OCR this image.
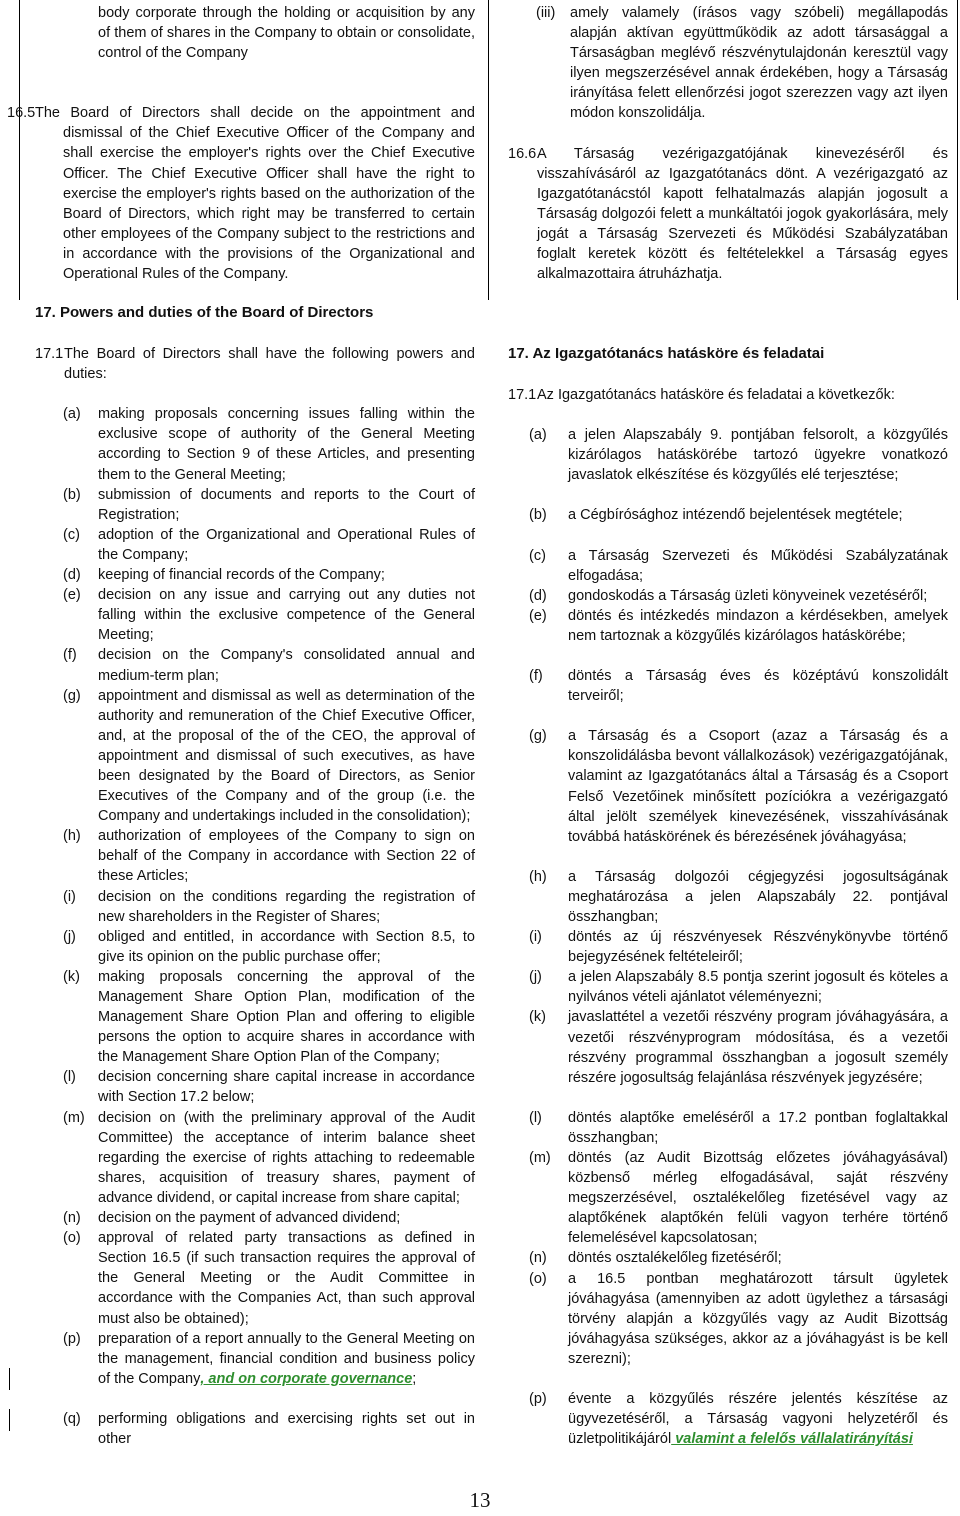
body corporate through the holding or acquisition by any of them of shares in the Company to obtain or consolidate, control of the Company

16.5The Board of Directors shall decide on the appointment and dismissal of the Chief Executive Officer of the Company and shall exercise the employer's rights over the Chief Executive Officer. The Chief Executive Officer shall have the right to exercise the employer's rights based on the authorization of the Board of Directors, which right may be transferred to certain other employees of the Company subject to the restrictions and in accordance with the provisions of the Organizational and Operational Rules of the Company.

17. Powers and duties of the Board of Directors
17.1 The Board of Directors shall have the following powers and duties:
(a)	making proposals concerning issues falling within the exclusive scope of authority of the General Meeting according to Section 9 of these Articles, and presenting them to the General Meeting;
(b)	submission of documents and reports to the Court of Registration;
(c)	adoption of the Organizational and Operational Rules of the Company;
(d)	keeping of financial records of the Company;
(e)	decision on any issue and carrying out any duties not falling within the exclusive competence of the General Meeting;
(f)	decision on the Company's consolidated annual and medium-term plan;
(g)	appointment and dismissal as well as determination of the authority and remuneration of the Chief Executive Officer, and, at the proposal of the of the CEO, the approval of appointment and dismissal of such executives, as have been designated by the Board of Directors, as Senior Executives of the Company and of the group (i.e. the Company and undertakings included in the consolidation);
(h)	authorization of employees of the Company to sign on behalf of the Company in accordance with Section 22 of these Articles;
(i)	decision on the conditions regarding the registration of new shareholders in the Register of Shares;
(j)	obliged and entitled, in accordance with Section 8.5, to give its opinion on the public purchase offer;
(k)	making proposals concerning the approval of the Management Share Option Plan, modification of the Management Share Option Plan and offering to eligible persons the option to acquire shares in accordance with the Management Share Option Plan of the Company;
(l)	decision concerning share capital increase in accordance with Section 17.2 below;
(m) decision on (with the preliminary approval of the Audit Committee) the acceptance of interim balance sheet regarding the exercise of rights attaching to redeemable shares, acquisition of treasury shares, payment of advance dividend, or capital increase from share capital;
(n)	decision on the payment of advanced dividend;
(o)	approval of related party transactions as defined in Section 16.5 (if such transaction requires the approval of the General Meeting or the Audit Committee in accordance with the Companies Act, than such approval must also be obtained);
(p)	preparation of a report annually to the General Meeting on the management, financial condition and business policy of the Company, and on corporate governance;
(q)	performing obligations and exercising rights set out in other
(iii)	amely valamely (írásos vagy szóbeli) megállapodás alapján aktívan együttműködik az adott társasággal a Társaságban meglévő részvénytulajdonán keresztül vagy ilyen megszerzésével annak érdekében, hogy a Társaság irányítása felett ellenőrzési jogot szerezzen vagy azt ilyen módon konszolidálja.
16.6 A Társaság vezérigazgatójának kinevezéséről és visszahívásáról az Igazgatótanács dönt. A vezérigazgató az Igazgatótanácstól kapott felhatalmazás alapján jogosult a Társaság dolgozói felett a munkáltatói jogok gyakorlására, mely jogát a Társaság Szervezeti és Működési Szabályzatában foglalt keretek között és feltételekkel a Társaság egyes alkalmazottaira átruházhatja.
17. Az Igazgatótanács hatásköre és feladatai
17.1 Az Igazgatótanács hatásköre és feladatai a következők:
(a)	a jelen Alapszabály 9. pontjában felsorolt, a közgyűlés kizárólagos hatáskörébe tartozó ügyekre vonatkozó javaslatok elkészítése és közgyűlés elé terjesztése;
(b)	a Cégbírósághoz intézendő bejelentések megtétele;
(c)	a Társaság Szervezeti és Működési Szabályzatának elfogadása;
(d)	gondoskodás a Társaság üzleti könyveinek vezetéséről;
(e)	döntés és intézkedés mindazon a kérdésekben, amelyek nem tartoznak a közgyűlés kizárólagos hatáskörébe;
(f)	döntés a Társaság éves és középtávú konszolidált terveiről;
(g)	a Társaság és a Csoport (azaz a Társaság és a konszolidálásba bevont vállalkozások) vezérigazgatójának, valamint az Igazgatótanács által a Társaság és a Csoport Felső Vezetőinek minősített pozíciókra a vezérigazgató által jelölt személyek kinevezésének, visszahívásának továbbá hatáskörének és bérezésének jóváhagyása;
(h)	a Társaság dolgozói cégjegyzési jogosultságának meghatározása a jelen Alapszabály 22. pontjával összhangban;
(i)	döntés az új részvényesek Részvénykönyvbe történő bejegyzésének feltételeiről;
(j)	a jelen Alapszabály 8.5 pontja szerint jogosult és köteles a nyilvános vételi ajánlatot véleményezni;
(k)	javaslattétel a vezetői részvény program jóváhagyására, a vezetői részvényprogram módosítása, és a vezetői részvény programmal összhangban a jogosult személy részére jogosultság felajánlása részvények jegyzésére;
(l)	döntés alaptőke emeléséről a 17.2 pontban foglaltakkal összhangban;
(m)	döntés (az Audit Bizottság előzetes jóváhagyásával) közbenső mérleg elfogadásával, saját részvény megszerzésével, osztalékelőleg fizetésével vagy az alaptőkének alaptőkén felüli vagyon terhére történő felemelésével kapcsolatosan;
(n)	döntés osztalékelőleg fizetéséről;
(o)	a 16.5 pontban meghatározott társult ügyletek jóváhagyása (amennyiben az adott ügylethez a társasági törvény alapján a közgyűlés vagy az Audit Bizottság jóváhagyása szükséges, akkor az a jóváhagyást is be kell szerezni);
(p)	évente a közgyűlés részére jelentés készítése az ügyvezetéséről, a Társaság vagyoni helyzetéről és üzletpolitikájáról valamint a felelős vállalatirányítási
13
